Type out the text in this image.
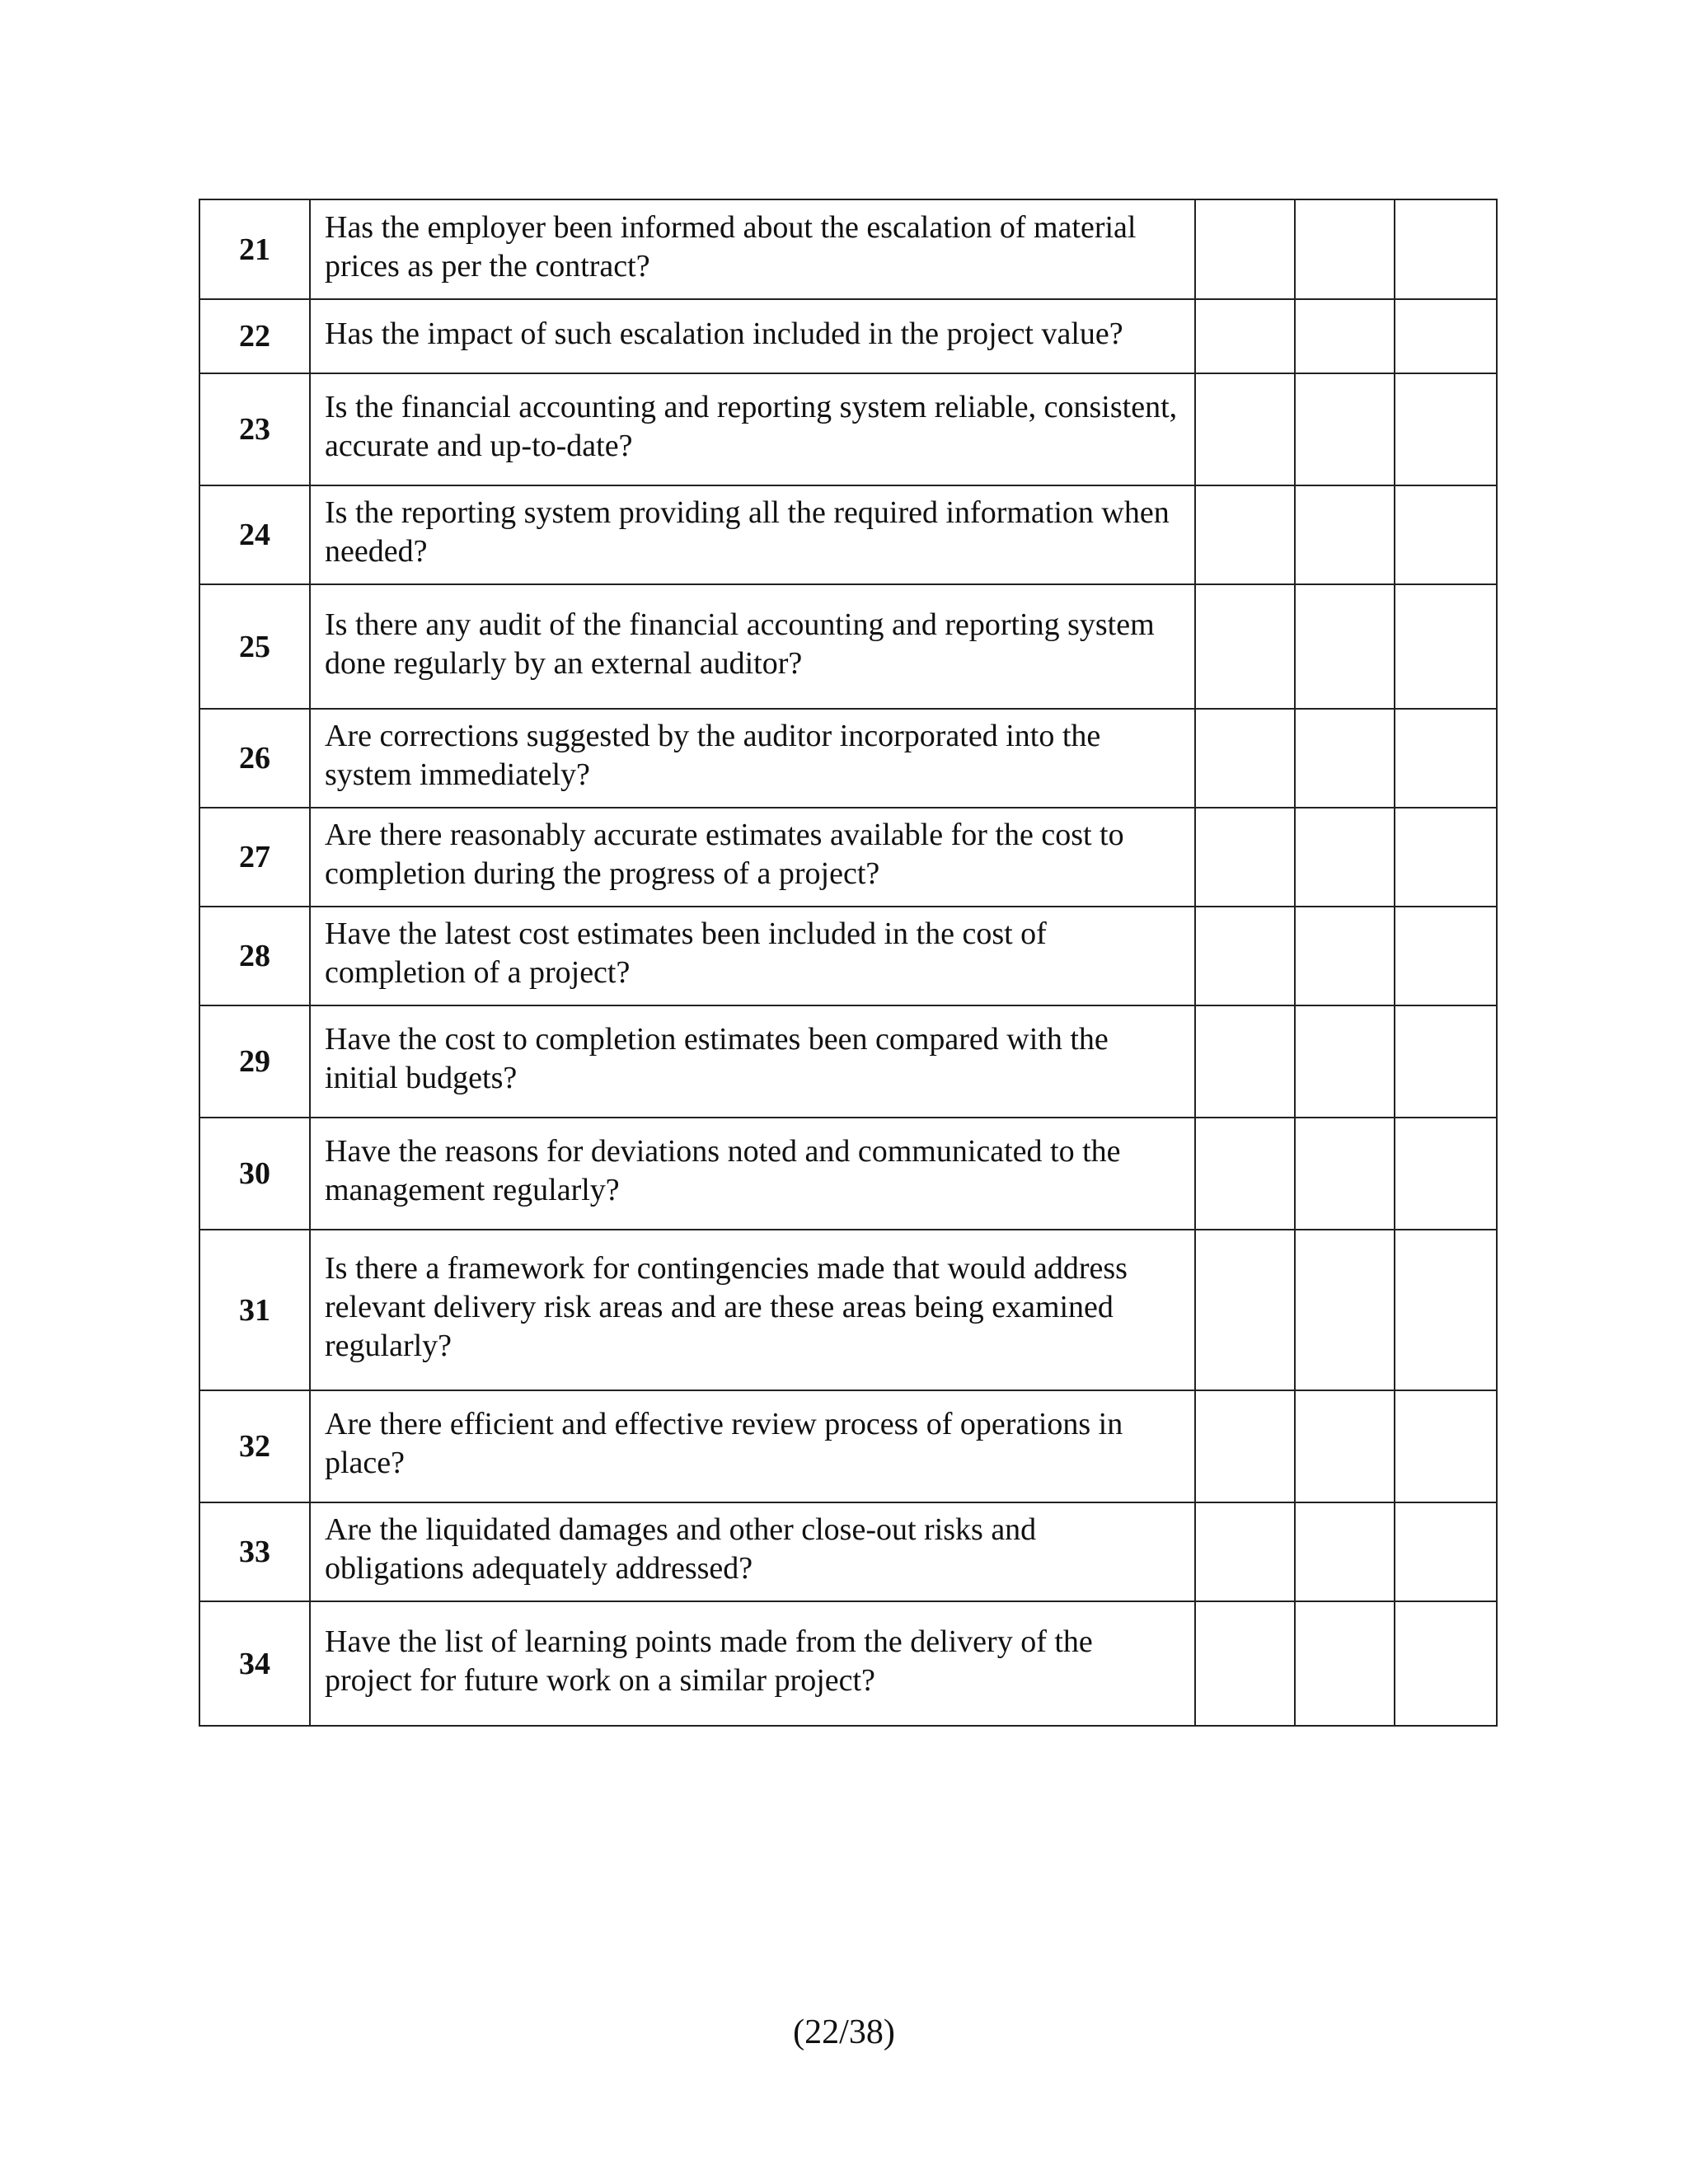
21	Has the employer been informed about the escalation of material prices as per the contract?			

22	Has the impact of such escalation included in the project value?			

23	Is the financial accounting and reporting system reliable, consistent, accurate and up-to-date?			

24	Is the reporting system providing all the required information when needed?			

25	Is there any audit of the financial accounting and reporting system done regularly by an external auditor?			

26	Are corrections suggested by the auditor incorporated into the system immediately?			

27	Are there reasonably accurate estimates available for the cost to completion during the progress of a project?			

28	Have the latest cost estimates been included in the cost of completion of a project?			

29	Have the cost to completion estimates been compared with the initial budgets?			

30	Have the reasons for deviations noted and communicated to the management regularly?			

31	Is there a framework for contingencies made that would address relevant delivery risk areas and are these areas being examined regularly?			

32	Are there efficient and effective review process of operations in place?			

33	Are the liquidated damages and other close-out risks and obligations adequately addressed?			

34	Have the list of learning points made from the delivery of the project for future work on a similar project?			

(22/38)
